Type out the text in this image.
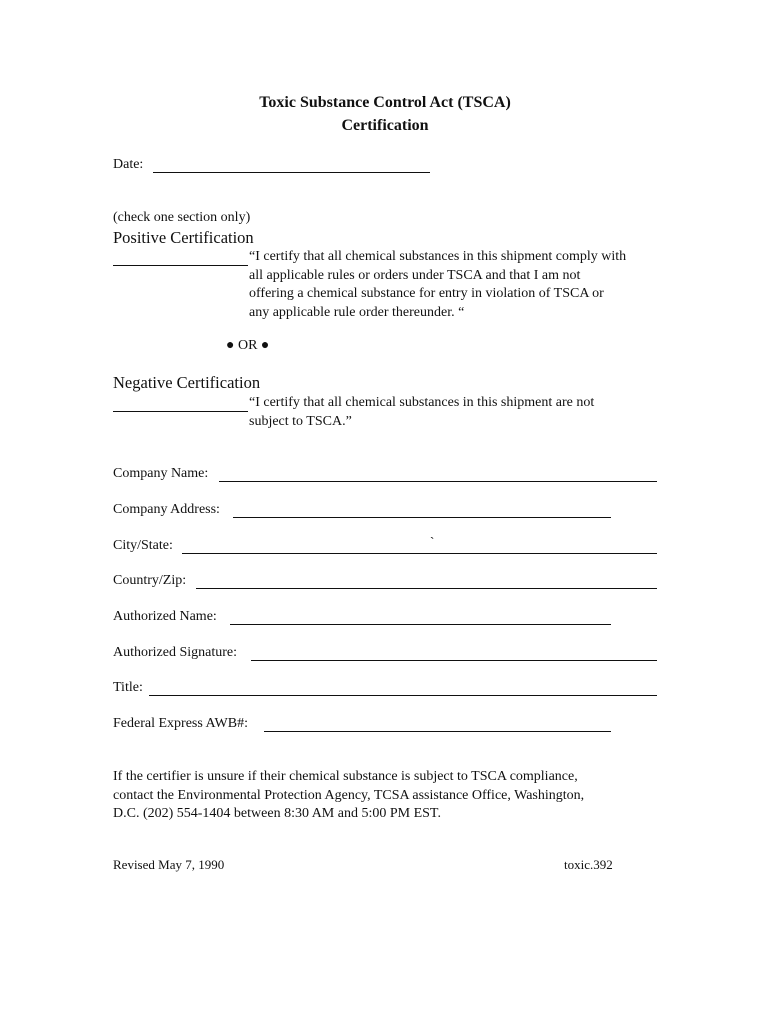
Toxic Substance Control Act (TSCA)
Certification
Date:
(check one section only)
Positive Certification
“I certify that all chemical substances in this shipment comply with
all applicable rules or orders under TSCA and that I am not
offering a chemical substance for entry in violation of TSCA or
any applicable rule order thereunder. “
● OR ●
Negative Certification
“I certify that all chemical substances in this shipment are not
subject to TSCA.”
Company Name:
Company Address:
City/State:	`
Country/Zip:
Authorized Name:
Authorized Signature:
Title:
Federal Express AWB#:
If the certifier is unsure if their chemical substance is subject to TSCA compliance,
contact the Environmental Protection Agency, TCSA assistance Office, Washington,
D.C. (202) 554-1404 between 8:30 AM and 5:00 PM EST.
Revised May 7, 1990	toxic.392
